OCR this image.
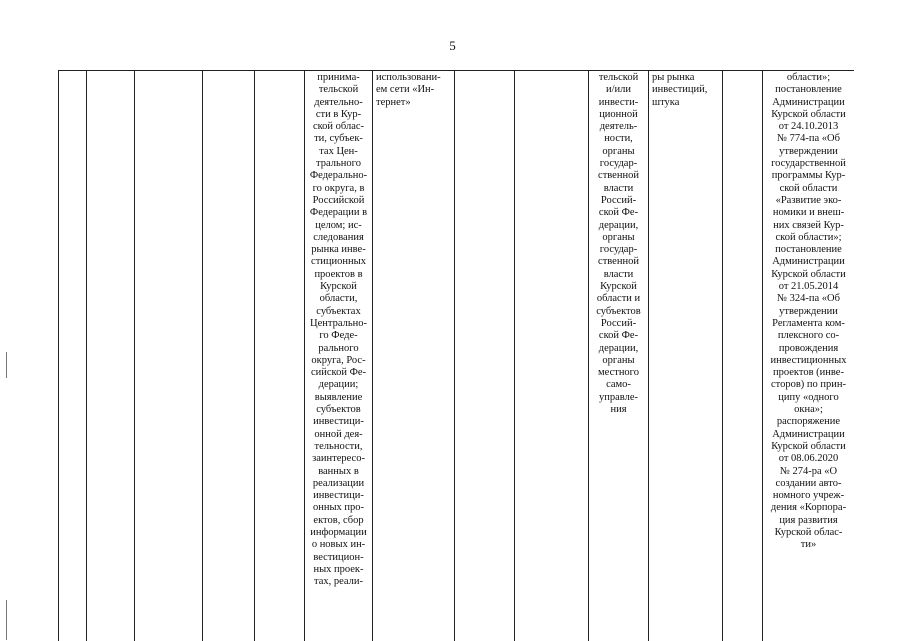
5
					принима-
тельской
деятельно-
сти в Кур-
ской облас-
ти, субъек-
тах Цен-
трального
Федерально-
го округа, в
Российской
Федерации в
целом; ис-
следования
рынка инве-
стиционных
проектов в
Курской
области,
субъектах
Центрально-
го Феде-
рального
округа, Рос-
сийской Фе-
дерации;
выявление
субъектов
инвестици-
онной дея-
тельности,
заинтересо-
ванных в
реализации
инвестици-
онных про-
ектов, сбор
информации
о новых ин-
вестицион-
ных проек-
тах, реали-	использовани-
ем сети «Ин-
тернет»			тельской
и/или
инвести-
ционной
деятель-
ности,
органы
государ-
ственной
власти
Россий-
ской Фе-
дерации,
органы
государ-
ственной
власти
Курской
области и
субъектов
Россий-
ской Фе-
дерации,
органы
местного
само-
управле-
ния	ры рынка
инвестиций,
штука		области»;
постановление
Администрации
Курской области
от 24.10.2013
№ 774-па «Об
утверждении
государственной
программы Кур-
ской области
«Развитие эко-
номики и внеш-
них связей Кур-
ской области»;
постановление
Администрации
Курской области
от 21.05.2014
№ 324-па «Об
утверждении
Регламента ком-
плексного со-
провождения
инвестиционных
проектов (инве-
сторов) по прин-
ципу «одного
окна»;
распоряжение
Администрации
Курской области
от 08.06.2020
№ 274-ра «О
создании авто-
номного учреж-
дения «Корпора-
ция развития
Курской облас-
ти»
